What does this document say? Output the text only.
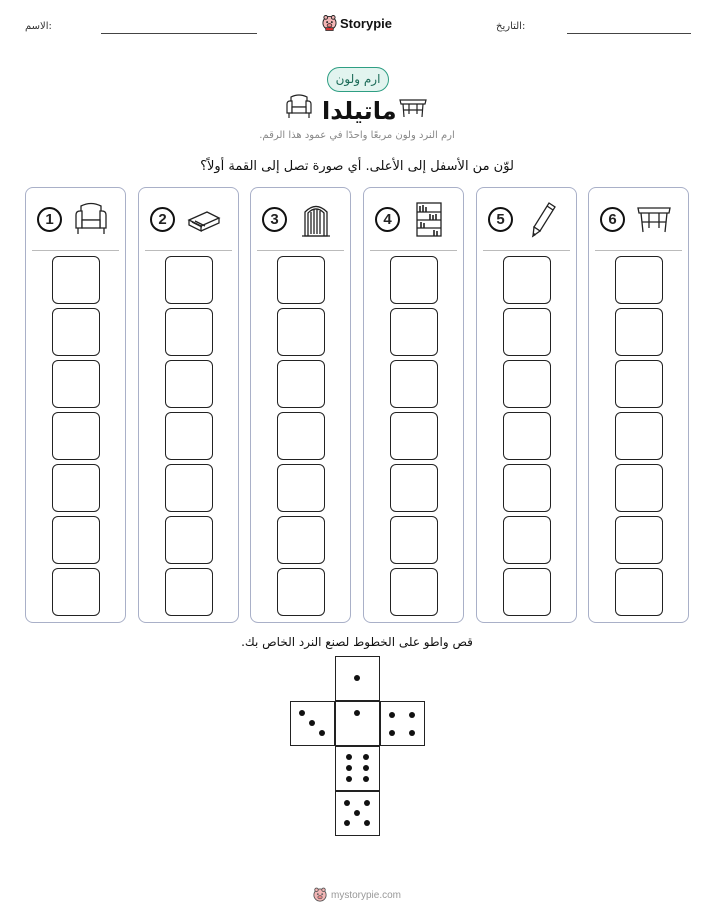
الاسم:	Storypie	التاريخ:
ارم ولون
ماتيلدا
ارم النرد ولون مربعًا واحدًا في عمود هذا الرقم.
لوّن من الأسفل إلى الأعلى. أي صورة تصل إلى القمة أولاً؟
1	2	3	4	5	6
قص واطو على الخطوط لصنع النرد الخاص بك.
mystorypie.com
